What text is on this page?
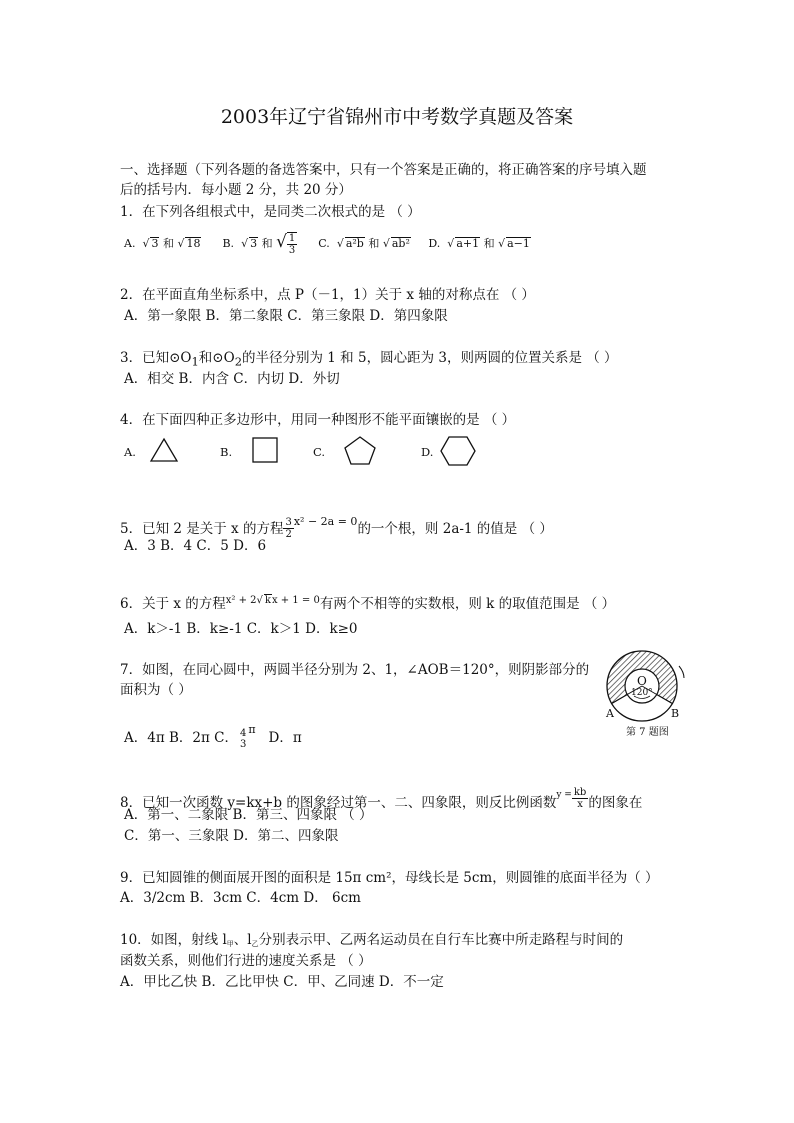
2003年辽宁省锦州市中考数学真题及答案
一、选择题（下列各题的备选答案中，只有一个答案是正确的，将正确答案的序号填入题
后的括号内．每小题 2 分，共 20 分）
1．在下列各组根式中，是同类二次根式的是 （ ）
A. √ 3 和 √ 18 B. √ 3 和 √ $\frac{1}{3} C$. √ a²b 和 √ ab² D. √ a+1 和 √ a−1
2．在平面直角坐标系中，点 P（－1，1）关于 x 轴的对称点在 （ ）
A．第一象限 B．第二象限 C．第三象限 D．第四象限
3．已知$⊙O_1$和$⊙O_2$的半径分别为 1 和 5，圆心距为 3，则两圆的位置关系是 （ ）
A．相交 B．内含 C．内切 D．外切
4．在下面四种正多边形中，用同一种图形不能平面镶嵌的是 （ ）
A.	B.	C.	D.
5．已知 2 是关于 x 的方程 $\frac{3}{2} x^2 - 2a = 0$的一个根，则 2a-1 的值是 （ ）
A．3 B．4 C．5 D．6
6．关于 x 的方程$^{x^2 + 2√ kx + 1 = 0}$有两个不相等的实数根，则 k 的取值范围是 （ ）
A．k＞-1 B．k≥-1 C．k＞1 D．k≥0
7．如图，在同心圆中，两圆半径分别为 2、1，∠AOB＝120°，则阴影部分的
面积为（ ）
A．4π B．2π C． 4
3
$^\pi$   D．π
O
120°
A	B
第 7 题图
8．已知一次函数 y=kx+b 的图象经过第一、二、四象限，则反比例函数$^{y =} \frac{kb}{x}$ 的图象在
A．第一、二象限 B．第三、四象限 （ ）
C．第一、三象限 D．第二、四象限
9．已知圆锥的侧面展开图的面积是 15π cm²，母线长是 5cm，则圆锥的底面半径为（ ）
A．3/2cm B．3cm C．4cm D． 6cm
10．如图，射线 l甲、l乙分别表示甲、乙两名运动员在自行车比赛中所走路程与时间的
函数关系，则他们行进的速度关系是 （ ）
A．甲比乙快 B．乙比甲快 C．甲、乙同速 D．不一定
